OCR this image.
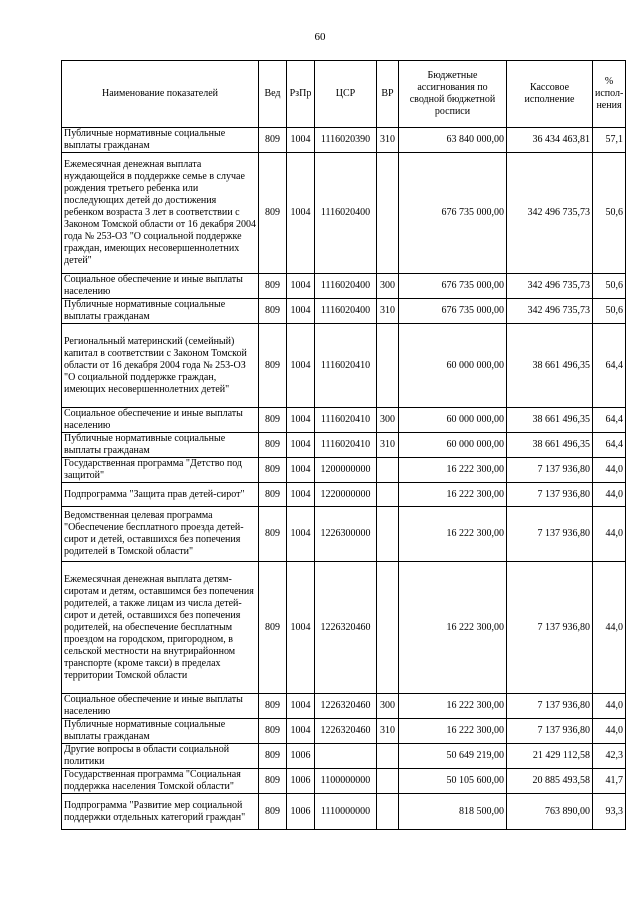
60
Наименование показателей	Вед	РзПр	ЦСР	ВР	Бюджетные ассигнования по сводной бюджетной росписи	Кассовое исполнение	% испол-нения
Публичные нормативные социальные выплаты гражданам	809	1004	1116020390	310	63 840 000,00	36 434 463,81	57,1
Ежемесячная денежная выплата нуждающейся в поддержке семье в случае рождения третьего ребенка или последующих детей до достижения ребенком возраста 3 лет в соответствии с Законом Томской области от 16 декабря 2004 года № 253-ОЗ "О социальной поддержке граждан, имеющих несовершеннолетних детей"	809	1004	1116020400		676 735 000,00	342 496 735,73	50,6
Социальное обеспечение и иные выплаты населению	809	1004	1116020400	300	676 735 000,00	342 496 735,73	50,6
Публичные нормативные социальные выплаты гражданам	809	1004	1116020400	310	676 735 000,00	342 496 735,73	50,6
Региональный материнский (семейный) капитал в соответствии с Законом Томской области от 16 декабря 2004 года № 253-ОЗ "О социальной поддержке граждан, имеющих несовершеннолетних детей"	809	1004	1116020410		60 000 000,00	38 661 496,35	64,4
Социальное обеспечение и иные выплаты населению	809	1004	1116020410	300	60 000 000,00	38 661 496,35	64,4
Публичные нормативные социальные выплаты гражданам	809	1004	1116020410	310	60 000 000,00	38 661 496,35	64,4
Государственная программа "Детство под защитой"	809	1004	1200000000		16 222 300,00	7 137 936,80	44,0
Подпрограмма "Защита прав детей-сирот"	809	1004	1220000000		16 222 300,00	7 137 936,80	44,0
Ведомственная целевая программа "Обеспечение бесплатного проезда детей-сирот и детей, оставшихся без попечения родителей в Томской области"	809	1004	1226300000		16 222 300,00	7 137 936,80	44,0
Ежемесячная денежная выплата детям-сиротам и детям, оставшимся без попечения родителей, а также лицам из числа детей-сирот и детей, оставшихся без попечения родителей, на обеспечение бесплатным проездом на городском, пригородном, в сельской местности на внутрирайонном транспорте (кроме такси) в пределах территории Томской области	809	1004	1226320460		16 222 300,00	7 137 936,80	44,0
Социальное обеспечение и иные выплаты населению	809	1004	1226320460	300	16 222 300,00	7 137 936,80	44,0
Публичные нормативные социальные выплаты гражданам	809	1004	1226320460	310	16 222 300,00	7 137 936,80	44,0
Другие вопросы в области социальной политики	809	1006			50 649 219,00	21 429 112,58	42,3
Государственная программа "Социальная поддержка населения Томской области"	809	1006	1100000000		50 105 600,00	20 885 493,58	41,7
Подпрограмма "Развитие мер социальной поддержки отдельных категорий граждан"	809	1006	1110000000		818 500,00	763 890,00	93,3
